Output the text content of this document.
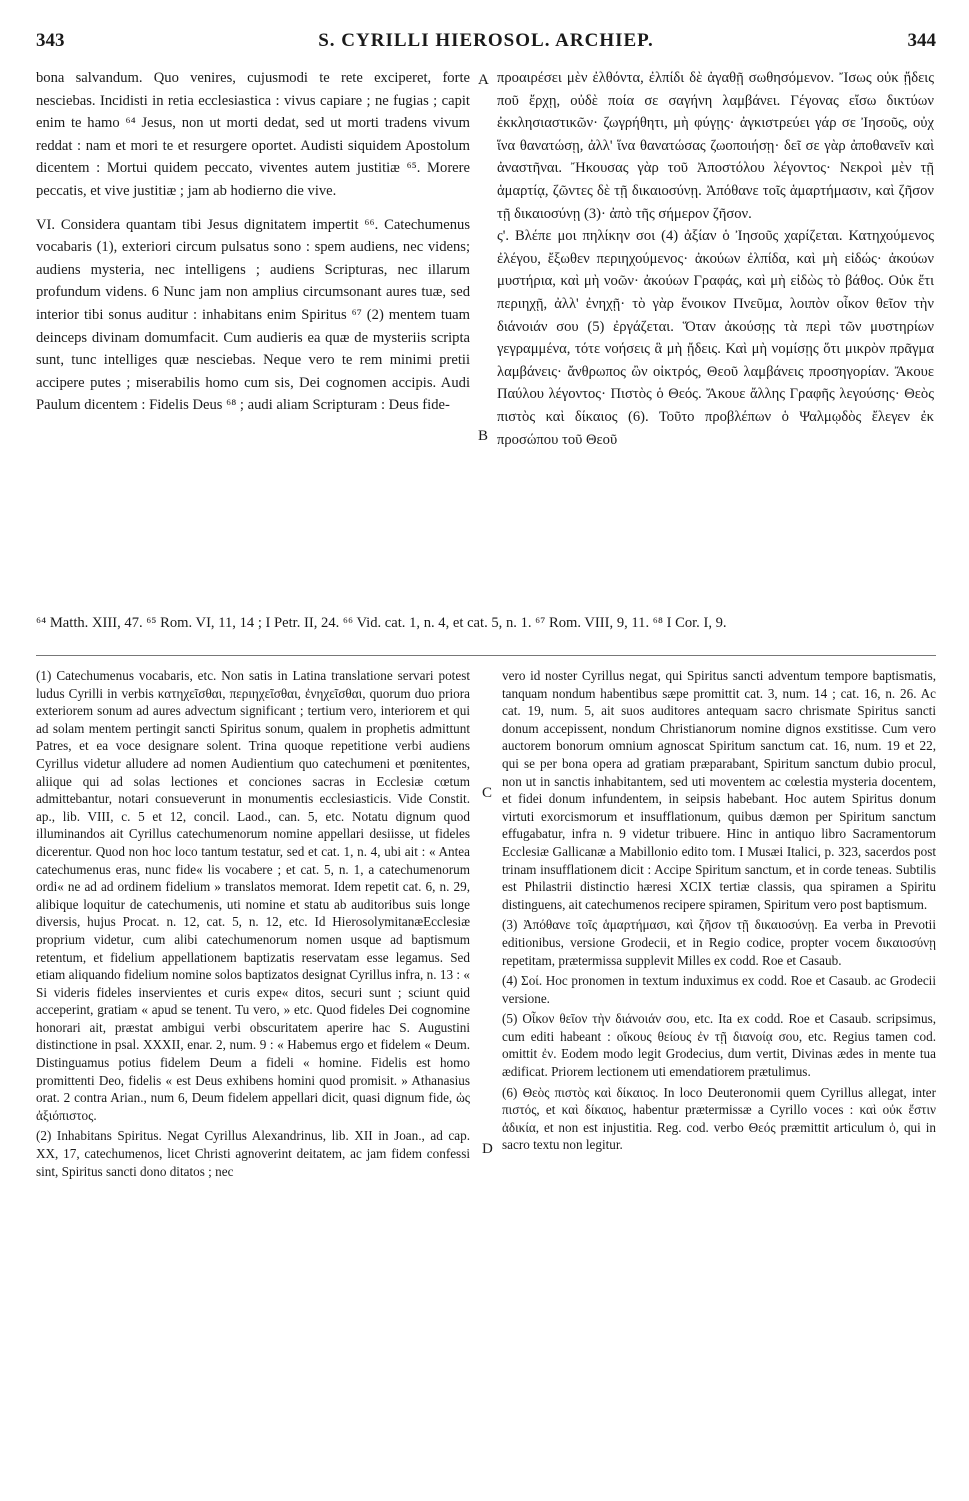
343	S. CYRILLI HIEROSOL. ARCHIEP.	344

bona salvandum. Quo venires, cujusmodi te rete exciperet, forte nesciebas. Incidisti in retia ecclesiastica : vivus capiare ; ne fugias ; capit enim te hamo ⁶⁴ Jesus, non ut morti dedat, sed ut morti tradens vivum reddat : nam et mori te et resurgere oportet. Audisti siquidem Apostolum dicentem : Mortui quidem peccato, viventes autem justitiæ ⁶⁵. Morere peccatis, et vive justitiæ ; jam ab hodierno die vive.

VI. Considera quantam tibi Jesus dignitatem impertit ⁶⁶. Catechumenus vocabaris (1), exteriori circum pulsatus sono : spem audiens, nec videns; audiens mysteria, nec intelligens ; audiens Scripturas, nec illarum profundum videns. 6 Nunc jam non amplius circumsonant aures tuæ, sed interior tibi sonus auditur : inhabitans enim Spiritus ⁶⁷ (2) mentem tuam deinceps divinam domumfacit. Cum audieris ea quæ de mysteriis scripta sunt, tunc intelliges quæ nesciebas. Neque vero te rem minimi pretii accipere putes ; miserabilis homo cum sis, Dei cognomen accipis. Audi Paulum dicentem : Fidelis Deus ⁶⁸ ; audi aliam Scripturam : Deus fide-

προαιρέσει μὲν ἐλθόντα, ἐλπίδι δὲ ἀγαθῇ σωθησόμενον. Ἴσως οὐκ ᾔδεις ποῦ ἔρχῃ, οὐδὲ ποία σε σαγήνη λαμβάνει. Γέγονας εἴσω δικτύων ἐκκλησιαστικῶν· ζωγρήθητι, μὴ φύγῃς· ἀγκιστρεύει γάρ σε Ἰησοῦς, οὐχ ἵνα θανατώσῃ, ἀλλ' ἵνα θανατώσας ζωοποιήσῃ· δεῖ σε γὰρ ἀποθανεῖν καὶ ἀναστῆναι. Ἤκουσας γὰρ τοῦ Ἀποστόλου λέγοντος· Νεκροὶ μὲν τῇ ἁμαρτίᾳ, ζῶντες δὲ τῇ δικαιοσύνῃ. Ἀπόθανε τοῖς ἁμαρτήμασιν, καὶ ζῆσον τῇ δικαιοσύνῃ (3)· ἀπὸ τῆς σήμερον ζῆσον.

ς'. Βλέπε μοι πηλίκην σοι (4) ἀξίαν ὁ Ἰησοῦς χαρίζεται. Κατηχούμενος ἐλέγου, ἔξωθεν περιηχούμενος· ἀκούων ἐλπίδα, καὶ μὴ εἰδώς· ἀκούων μυστήρια, καὶ μὴ νοῶν· ἀκούων Γραφάς, καὶ μὴ εἰδὼς τὸ βάθος. Οὐκ ἔτι περιηχῇ, ἀλλ' ἐνηχῇ· τὸ γὰρ ἔνοικον Πνεῦμα, λοιπὸν οἶκον θεῖον τὴν διάνοιάν σου (5) ἐργάζεται. Ὅταν ἀκούσῃς τὰ περὶ τῶν μυστηρίων γεγραμμένα, τότε νοήσεις ἃ μὴ ᾔδεις. Καὶ μὴ νομίσῃς ὅτι μικρὸν πρᾶγμα λαμβάνεις· ἄνθρωπος ὢν οἰκτρός, Θεοῦ λαμβάνεις προσηγορίαν. Ἄκουε Παύλου λέγοντος· Πιστὸς ὁ Θεός. Ἄκουε ἄλλης Γραφῆς λεγούσης· Θεὸς πιστὸς καὶ δίκαιος (6). Τοῦτο προβλέπων ὁ Ψαλμῳδὸς ἔλεγεν ἐκ προσώπου τοῦ Θεοῦ

A
B
C
D
⁶⁴ Matth. XIII, 47. ⁶⁵ Rom. VI, 11, 14 ; I Petr. II, 24. ⁶⁶ Vid. cat. 1, n. 4, et cat. 5, n. 1. ⁶⁷ Rom. VIII, 9, 11. ⁶⁸ I Cor. I, 9.

(1) Catechumenus vocabaris, etc. Non satis in Latina translatione servari potest ludus Cyrilli in verbis κατηχεῖσθαι, περιηχεῖσθαι, ἐνηχεῖσθαι, quorum duo priora exteriorem sonum ad aures advectum significant ; tertium vero, interiorem et qui ad solam mentem pertingit sancti Spiritus sonum, qualem in prophetis admittunt Patres, et ea voce designare solent. Trina quoque repetitione verbi audiens Cyrillus videtur alludere ad nomen Audientium quo catechumeni et pœnitentes, aliique qui ad solas lectiones et conciones sacras in Ecclesiæ cœtum admittebantur, notari consueverunt in monumentis ecclesiasticis. Vide Constit. ap., lib. VIII, c. 5 et 12, concil. Laod., can. 5, etc. Notatu dignum quod illuminandos ait Cyrillus catechumenorum nomine appellari desiisse, ut fideles dicerentur. Quod non hoc loco tantum testatur, sed et cat. 1, n. 4, ubi ait : « Antea catechumenus eras, nunc fide« lis vocabere ; et cat. 5, n. 1, a catechumenorum ordi« ne ad ad ordinem fidelium » translatos memorat. Idem repetit cat. 6, n. 29, alibique loquitur de catechumenis, uti nomine et statu ab auditoribus suis longe diversis, hujus Procat. n. 12, cat. 5, n. 12, etc. Id HierosolymitanæEcclesiæ proprium videtur, cum alibi catechumenorum nomen usque ad baptismum retentum, et fidelium appellationem baptizatis reservatam esse legamus. Sed etiam aliquando fidelium nomine solos baptizatos designat Cyrillus infra, n. 13 : « Si videris fideles inservientes et curis expe« ditos, securi sunt ; sciunt quid acceperint, gratiam « apud se tenent. Tu vero, » etc. Quod fideles Dei cognomine honorari ait, præstat ambigui verbi obscuritatem aperire hac S. Augustini distinctione in psal. XXXII, enar. 2, num. 9 : « Habemus ergo et fidelem « Deum. Distinguamus potius fidelem Deum a fideli « homine. Fidelis est homo promittenti Deo, fidelis « est Deus exhibens homini quod promisit. » Athanasius orat. 2 contra Arian., num 6, Deum fidelem appellari dicit, quasi dignum fide, ὡς ἀξιόπιστος.

(2) Inhabitans Spiritus. Negat Cyrillus Alexandrinus, lib. XII in Joan., ad cap. XX, 17, catechumenos, licet Christi agnoverint deitatem, ac jam fidem confessi sint, Spiritus sancti dono ditatos ; nec

vero id noster Cyrillus negat, qui Spiritus sancti adventum tempore baptismatis, tanquam nondum habentibus sæpe promittit cat. 3, num. 14 ; cat. 16, n. 26. Ac cat. 19, num. 5, ait suos auditores antequam sacro chrismate Spiritus sancti donum accepissent, nondum Christianorum nomine dignos exstitisse. Cum vero auctorem bonorum omnium agnoscat Spiritum sanctum cat. 16, num. 19 et 22, qui se per bona opera ad gratiam præparabant, Spiritum sanctum dubio procul, non ut in sanctis inhabitantem, sed uti moventem ac cœlestia mysteria docentem, et fidei donum infundentem, in seipsis habebant. Hoc autem Spiritus donum virtuti exorcismorum et insufflationum, quibus dæmon per Spiritum sanctum effugabatur, infra n. 9 videtur tribuere. Hinc in antiquo libro Sacramentorum Ecclesiæ Gallicanæ a Mabillonio edito tom. I Musæi Italici, p. 323, sacerdos post trinam insufflationem dicit : Accipe Spiritum sanctum, et in corde teneas. Subtilis est Philastrii distinctio hæresi XCIX tertiæ classis, qua spiramen a Spiritu distinguens, ait catechumenos recipere spiramen, Spiritum vero post baptismum.

(3) Ἀπόθανε τοῖς ἁμαρτήμασι, καὶ ζῆσον τῇ δικαιοσύνῃ. Ea verba in Prevotii editionibus, versione Grodecii, et in Regio codice, propter vocem δικαιοσύνῃ repetitam, prætermissa supplevit Milles ex codd. Roe et Casaub.

(4) Σοί. Hoc pronomen in textum induximus ex codd. Roe et Casaub. ac Grodecii versione.

(5) Οἶκον θεῖον τὴν διάνοιάν σου, etc. Ita ex codd. Roe et Casaub. scripsimus, cum editi habeant : οἴκους θείους ἐν τῇ διανοίᾳ σου, etc. Regius tamen cod. omittit ἐν. Eodem modo legit Grodecius, dum vertit, Divinas ædes in mente tua ædificat. Priorem lectionem uti emendatiorem prætulimus.

(6) Θεὸς πιστὸς καὶ δίκαιος. In loco Deuteronomii quem Cyrillus allegat, inter πιστός, et καὶ δίκαιος, habentur prætermissæ a Cyrillo voces : καὶ οὐκ ἔστιν ἀδικία, et non est injustitia. Reg. cod. verbo Θεός præmittit articulum ὁ, qui in sacro textu non legitur.
